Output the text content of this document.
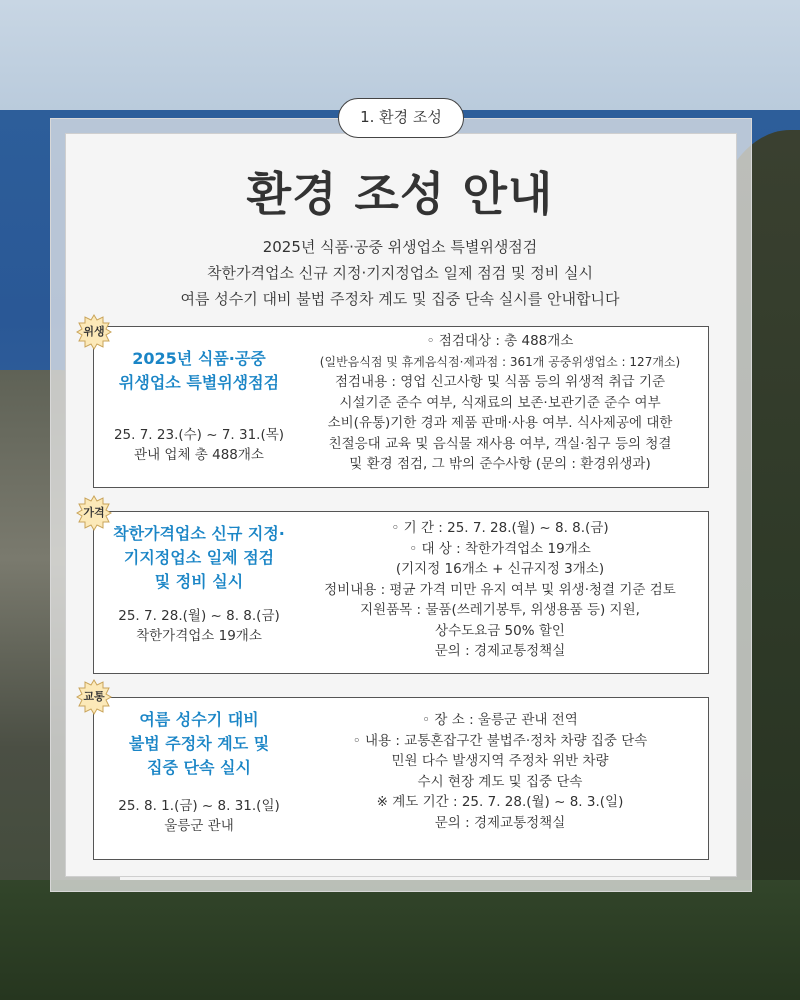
1. 환경 조성
환경 조성 안내
2025년 식품·공중 위생업소 특별위생점검
착한가격업소 신규 지정·기지정업소 일제 점검 및 정비 실시
여름 성수기 대비 불법 주정차 계도 및 집중 단속 실시를 안내합니다
2025년 식품·공중
위생업소 특별위생점검
25. 7. 23.(수) ~ 7. 31.(목)
관내 업체 총 488개소
◦ 점검대상 : 총 488개소
(일반음식점 및 휴게음식점·제과점 : 361개 공중위생업소 : 127개소)
점검내용 : 영업 신고사항 및 식품 등의 위생적 취급 기준
시설기준 준수 여부, 식재료의 보존·보관기준 준수 여부
소비(유통)기한 경과 제품 판매·사용 여부. 식사제공에 대한
친절응대 교육 및 음식물 재사용 여부, 객실·침구 등의 청결
및 환경 점검, 그 밖의 준수사항 (문의 : 환경위생과)
위생
착한가격업소 신규 지정·
기지정업소 일제 점검
및 정비 실시
25. 7. 28.(월) ~ 8. 8.(금)
착한가격업소 19개소
◦ 기 간 : 25. 7. 28.(월) ~ 8. 8.(금)
◦ 대 상 : 착한가격업소 19개소
(기지정 16개소 + 신규지정 3개소)
정비내용 : 평균 가격 미만 유지 여부 및 위생·청결 기준 검토
지원품목 : 물품(쓰레기봉투, 위생용품 등) 지원,
상수도요금 50% 할인
문의 : 경제교통정책실
가격
여름 성수기 대비
불법 주정차 계도 및
집중 단속 실시
25. 8. 1.(금) ~ 8. 31.(일)
울릉군 관내
◦ 장 소 : 울릉군 관내 전역
◦ 내용 : 교통혼잡구간 불법주·정차 차량 집중 단속
민원 다수 발생지역 주정차 위반 차량
수시 현장 계도 및 집중 단속
※ 계도 기간 : 25. 7. 28.(월) ~ 8. 3.(일)
문의 : 경제교통정책실
교통
